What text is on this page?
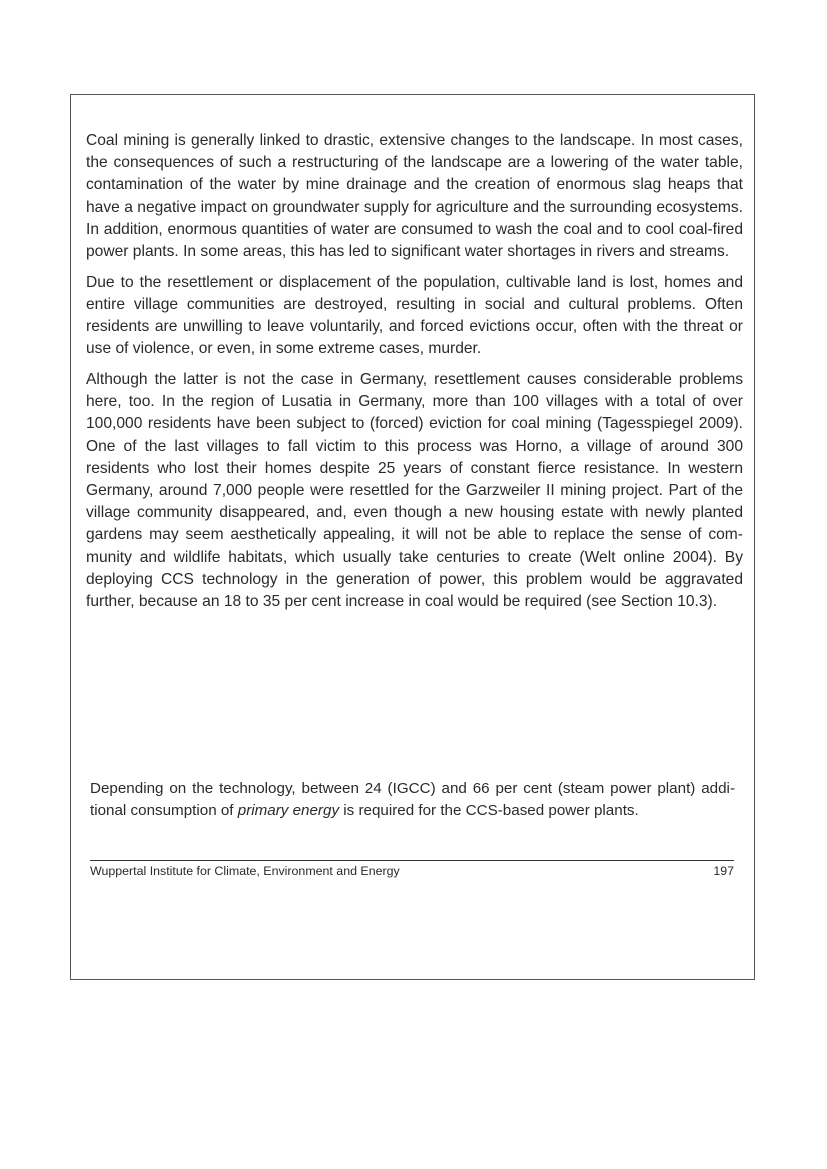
Coal mining is generally linked to drastic, extensive changes to the landscape. In most cases, the consequences of such a restructuring of the landscape are a lowering of the water table, contamination of the water by mine drainage and the creation of enormous slag heaps that have a negative impact on groundwater supply for agriculture and the surrounding ecosystems. In addition, enormous quantities of water are consumed to wash the coal and to cool coal-fired power plants. In some areas, this has led to significant water shortages in rivers and streams.

Due to the resettlement or displacement of the population, cultivable land is lost, homes and entire village communities are destroyed, resulting in social and cultural problems. Often residents are unwilling to leave voluntarily, and forced evictions occur, often with the threat or use of violence, or even, in some extreme cases, murder.

Although the latter is not the case in Germany, resettlement causes considerable problems here, too. In the region of Lusatia in Germany, more than 100 villages with a total of over 100,000 residents have been subject to (forced) eviction for coal mining (Tagesspiegel 2009). One of the last villages to fall victim to this process was Horno, a village of around 300 residents who lost their homes despite 25 years of constant fierce resistance. In western Germany, around 7,000 people were resettled for the Garzweiler II mining project. Part of the village community disappeared, and, even though a new housing estate with newly planted gardens may seem aesthetically appealing, it will not be able to replace the sense of community and wildlife habitats, which usually take centuries to create (Welt online 2004). By deploying CCS technology in the generation of power, this problem would be aggravated further, because an 18 to 35 per cent increase in coal would be required (see Section 10.3).

Depending on the technology, between 24 (IGCC) and 66 per cent (steam power plant) additional consumption of primary energy is required for the CCS-based power plants.

Wuppertal Institute for Climate, Environment and Energy	197
